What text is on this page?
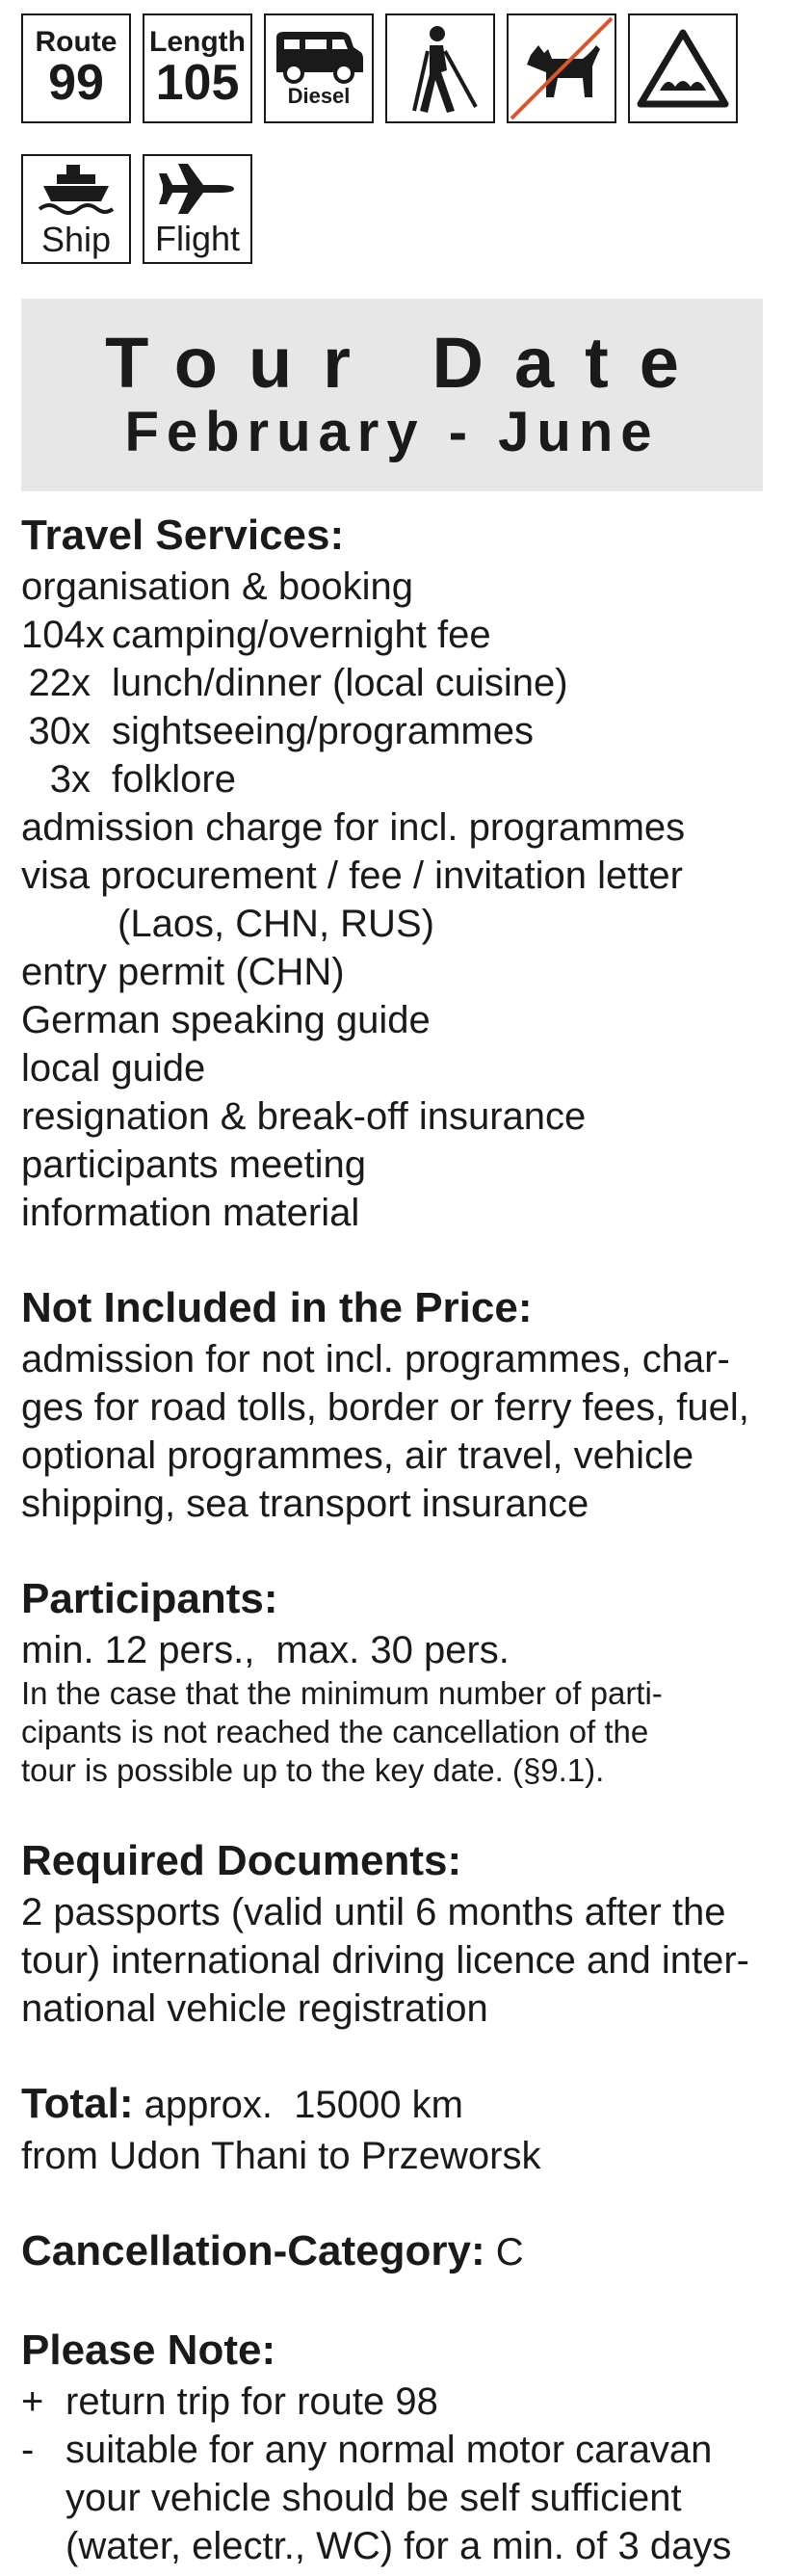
Route
99
Length
105 Diesel
Ship Flight
Tour Date
February - June
Travel Services:
organisation & booking
104x camping/overnight fee
22x lunch/dinner (local cuisine)
30x sightseeing/programmes
3x folklore
admission charge for incl. programmes
visa procurement / fee / invitation letter
(Laos, CHN, RUS)
entry permit (CHN)
German speaking guide
local guide
resignation & break-off insurance
participants meeting
information material
Not Included in the Price:
admission for not incl. programmes, char-
ges for road tolls, border or ferry fees, fuel,
optional programmes, air travel, vehicle
shipping, sea transport insurance
Participants:
min. 12 pers.,  max. 30 pers.
In the case that the minimum number of parti-
cipants is not reached the cancellation of the
tour is possible up to the key date. (§9.1).
Required Documents:
2 passports (valid until 6 months after the
tour) international driving licence and inter-
national vehicle registration
Total: approx.  15000 km
from Udon Thani to Przeworsk
Cancellation-Category: C
Please Note:
+ return trip for route 98
- suitable for any normal motor caravan
your vehicle should be self sufficient
(water, electr., WC) for a min. of 3 days
